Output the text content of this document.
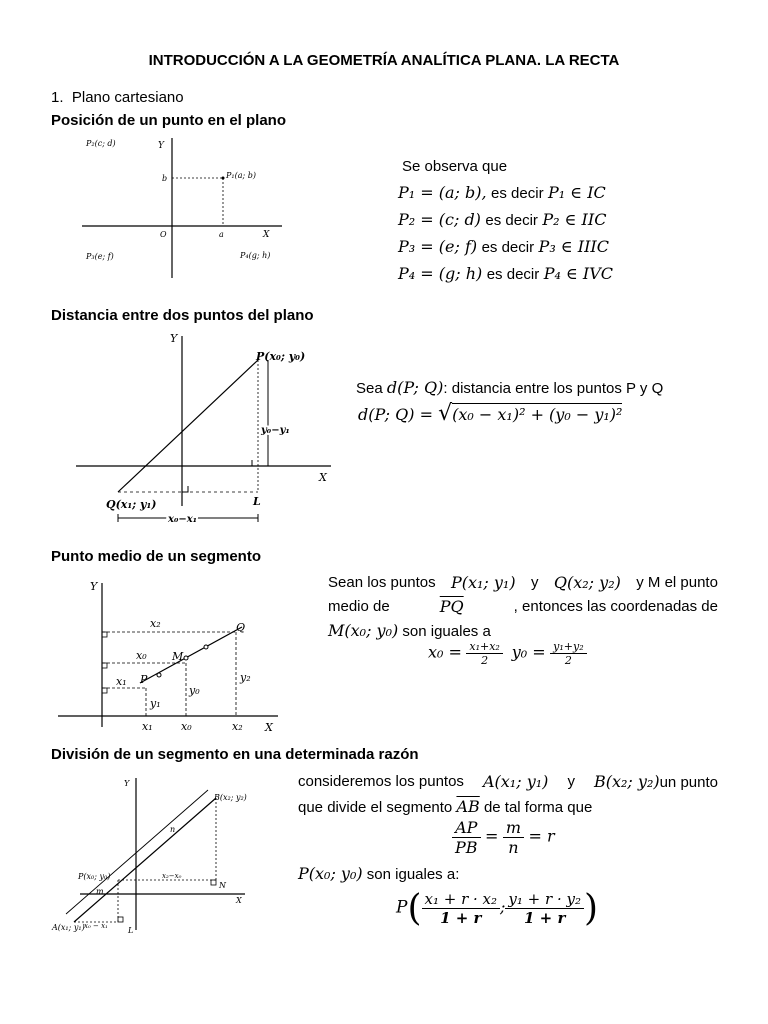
INTRODUCCIÓN A LA GEOMETRÍA ANALÍTICA PLANA. LA RECTA
1. Plano cartesiano
Posición de un punto en el plano
Y
X
O	a
b	P₁(a; b)
P₂(c; d)
P₃(e; f)	P₄(g; h)
Se observa que
P₁ = (a; b), es decir P₁ ∈ IC
P₂ = (c; d) es decir P₂ ∈ IIC
P₃ = (e; f) es decir P₃ ∈ IIIC
P₄ = (g; h) es decir P₄ ∈ IVC
Distancia entre dos puntos del plano
Y
X
P(x₀; y₀)
Q(x₁; y₁)	L
y₀−y₁
x₀−x₁
Sea d(P; Q): distancia entre los puntos P y Q
d(P; Q) = √(x₀ − x₁)² + (y₀ − y₁)²
Punto medio de un segmento
Y
X
Q
M
P
x₂
x₀
x₁
x₁	x₀	x₂
y₁
y₀
y₂
Sean los puntos P(x₁; y₁) y Q(x₂; y₂) y M el punto
medio de	$\overline{PQ}$	, entonces las coordenadas de
M(x₀; y₀) son iguales a
$x_0 = \frac{\text{x₁+x₂}}{2} y_0 = \frac{\text{y₁+y₂}}{2}$
División de un segmento en una determinada razón
Y
X
B(x₂; y₂)
A(x₁; y₁)
P(x₀; y₀)
n
m
L
N
x₀ − x₁
x₂−x₀
consideremos los puntos A(x₁; y₁) y B(x₂; y₂)un punto
que divide el segmento $\overline{AB}$ de tal forma que
$\frac{AP}{PB} = \frac{m}{n} = r$
P(x₀; y₀) son iguales a:
$P( \frac{\text{x₁ + r · x₂}}{1 + r}$ ; $\frac{\text{y₁ + r · y₂}}{1 + r}$ )
